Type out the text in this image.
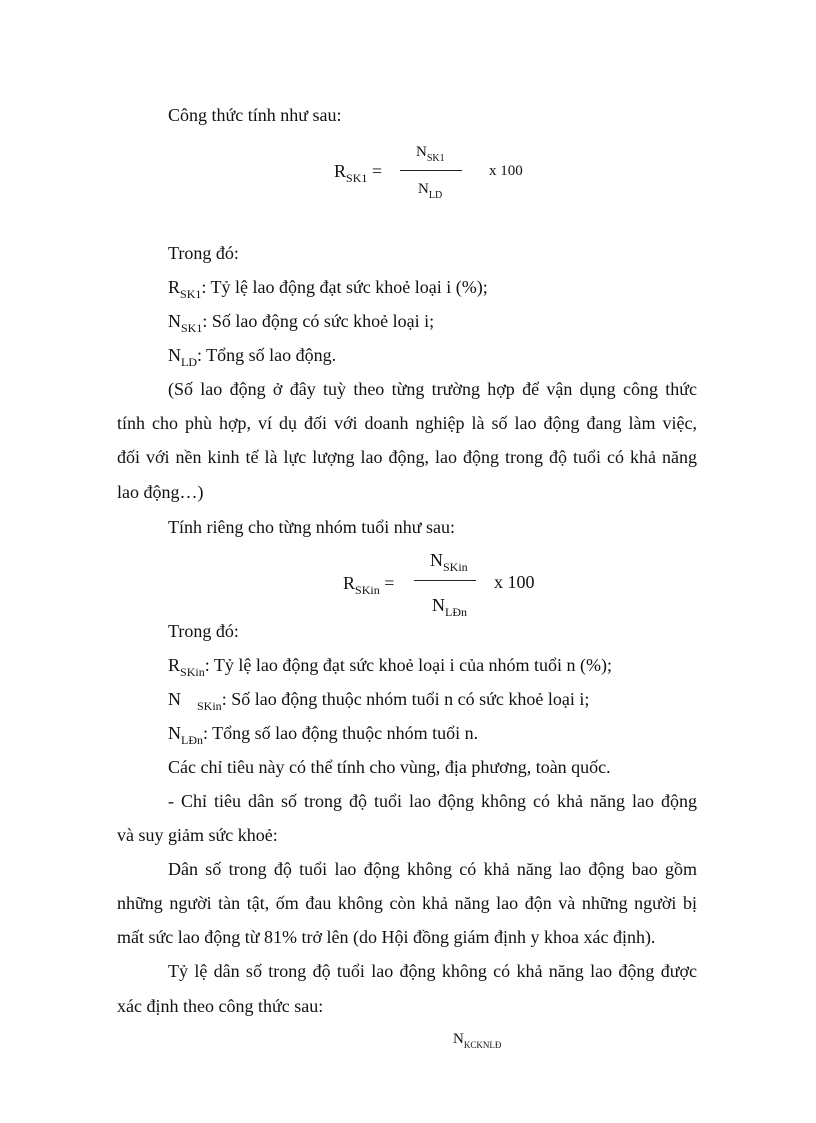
Công thức tính như sau:
$R_{SK1}$ =
$N_{SK1}$
$N_{LD}$
x 100
Trong đó:
$R_{SK1}$: Tỷ lệ lao động đạt sức khoẻ loại i (%);
$N_{SK1}$: Số lao động có sức khoẻ loại i;
$N_{LD}$: Tổng số lao động.
(Số lao động ở đây tuỳ theo từng trường hợp để vận dụng công thức
tính cho phù hợp, ví dụ đối với doanh nghiệp là số lao động đang làm việc,
đối với nền kinh tế là lực lượng lao động, lao động trong độ tuổi có khả năng
lao động…)
Tính riêng cho từng nhóm tuổi như sau:
$R_{SKin}$ =
$N_{SKin}$
$N_{LĐn}$
x 100
Trong đó:
$R_{SKin}$: Tỷ lệ lao động đạt sức khoẻ loại i của nhóm tuổi n (%);
N $_{SKin}$: Số lao động thuộc nhóm tuổi n có sức khoẻ loại i;
$N_{LĐn}$: Tổng số lao động thuộc nhóm tuổi n.
Các chỉ tiêu này có thể tính cho vùng, địa phương, toàn quốc.
- Chỉ tiêu dân số trong độ tuổi lao động không có khả năng lao động
và suy giảm sức khoẻ:
Dân số trong độ tuổi lao động không có khả năng lao động bao gồm
những người tàn tật, ốm đau không còn khả năng lao độn và những người bị
mất sức lao động từ 81% trở lên (do Hội đồng giám định y khoa xác định).
Tỷ lệ dân số trong độ tuổi lao động không có khả năng lao động được
xác định theo công thức sau:
$N_{KCKNLĐ}$
